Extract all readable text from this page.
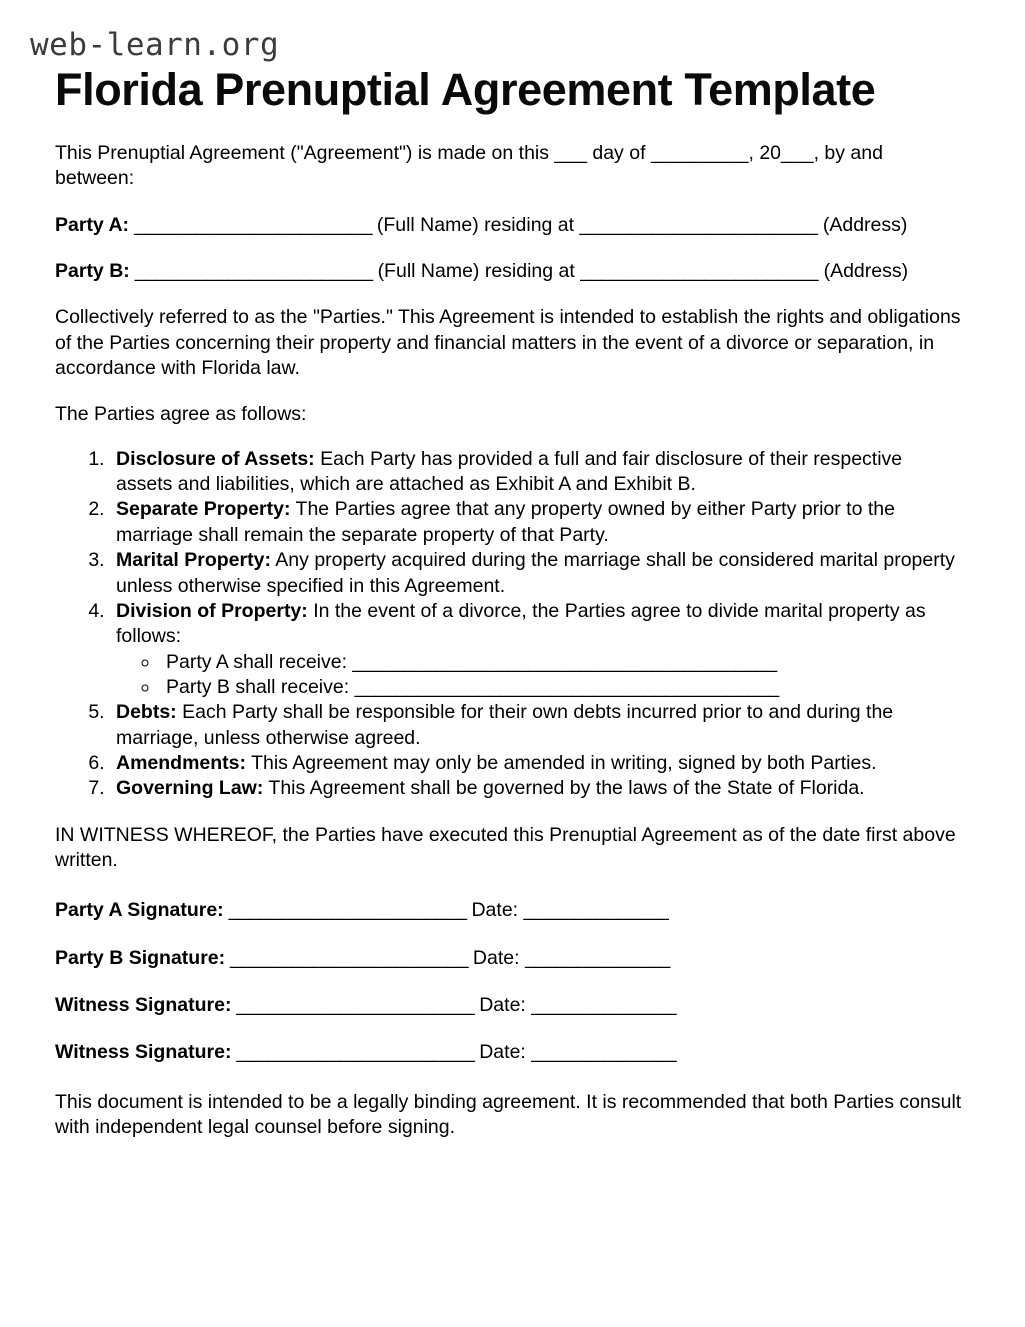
web-learn.org
Florida Prenuptial Agreement Template

This Prenuptial Agreement ("Agreement") is made on this ___ day of _________, 20___, by and between:

Party A: _______________________ (Full Name) residing at _______________________ (Address)

Party B: _______________________ (Full Name) residing at _______________________ (Address)

Collectively referred to as the "Parties." This Agreement is intended to establish the rights and obligations of the Parties concerning their property and financial matters in the event of a divorce or separation, in accordance with Florida law.

The Parties agree as follows:

1. Disclosure of Assets: Each Party has provided a full and fair disclosure of their respective assets and liabilities, which are attached as Exhibit A and Exhibit B.
2. Separate Property: The Parties agree that any property owned by either Party prior to the marriage shall remain the separate property of that Party.
3. Marital Property: Any property acquired during the marriage shall be considered marital property unless otherwise specified in this Agreement.
4. Division of Property: In the event of a divorce, the Parties agree to divide marital property as follows:
◦ Party A shall receive: _________________________________________
◦ Party B shall receive: _________________________________________
5. Debts: Each Party shall be responsible for their own debts incurred prior to and during the marriage, unless otherwise agreed.
6. Amendments: This Agreement may only be amended in writing, signed by both Parties.
7. Governing Law: This Agreement shall be governed by the laws of the State of Florida.

IN WITNESS WHEREOF, the Parties have executed this Prenuptial Agreement as of the date first above written.

Party A Signature: _______________________ Date: ______________
Party B Signature: _______________________ Date: ______________
Witness Signature: _______________________ Date: ______________
Witness Signature: _______________________ Date: ______________

This document is intended to be a legally binding agreement. It is recommended that both Parties consult with independent legal counsel before signing.
